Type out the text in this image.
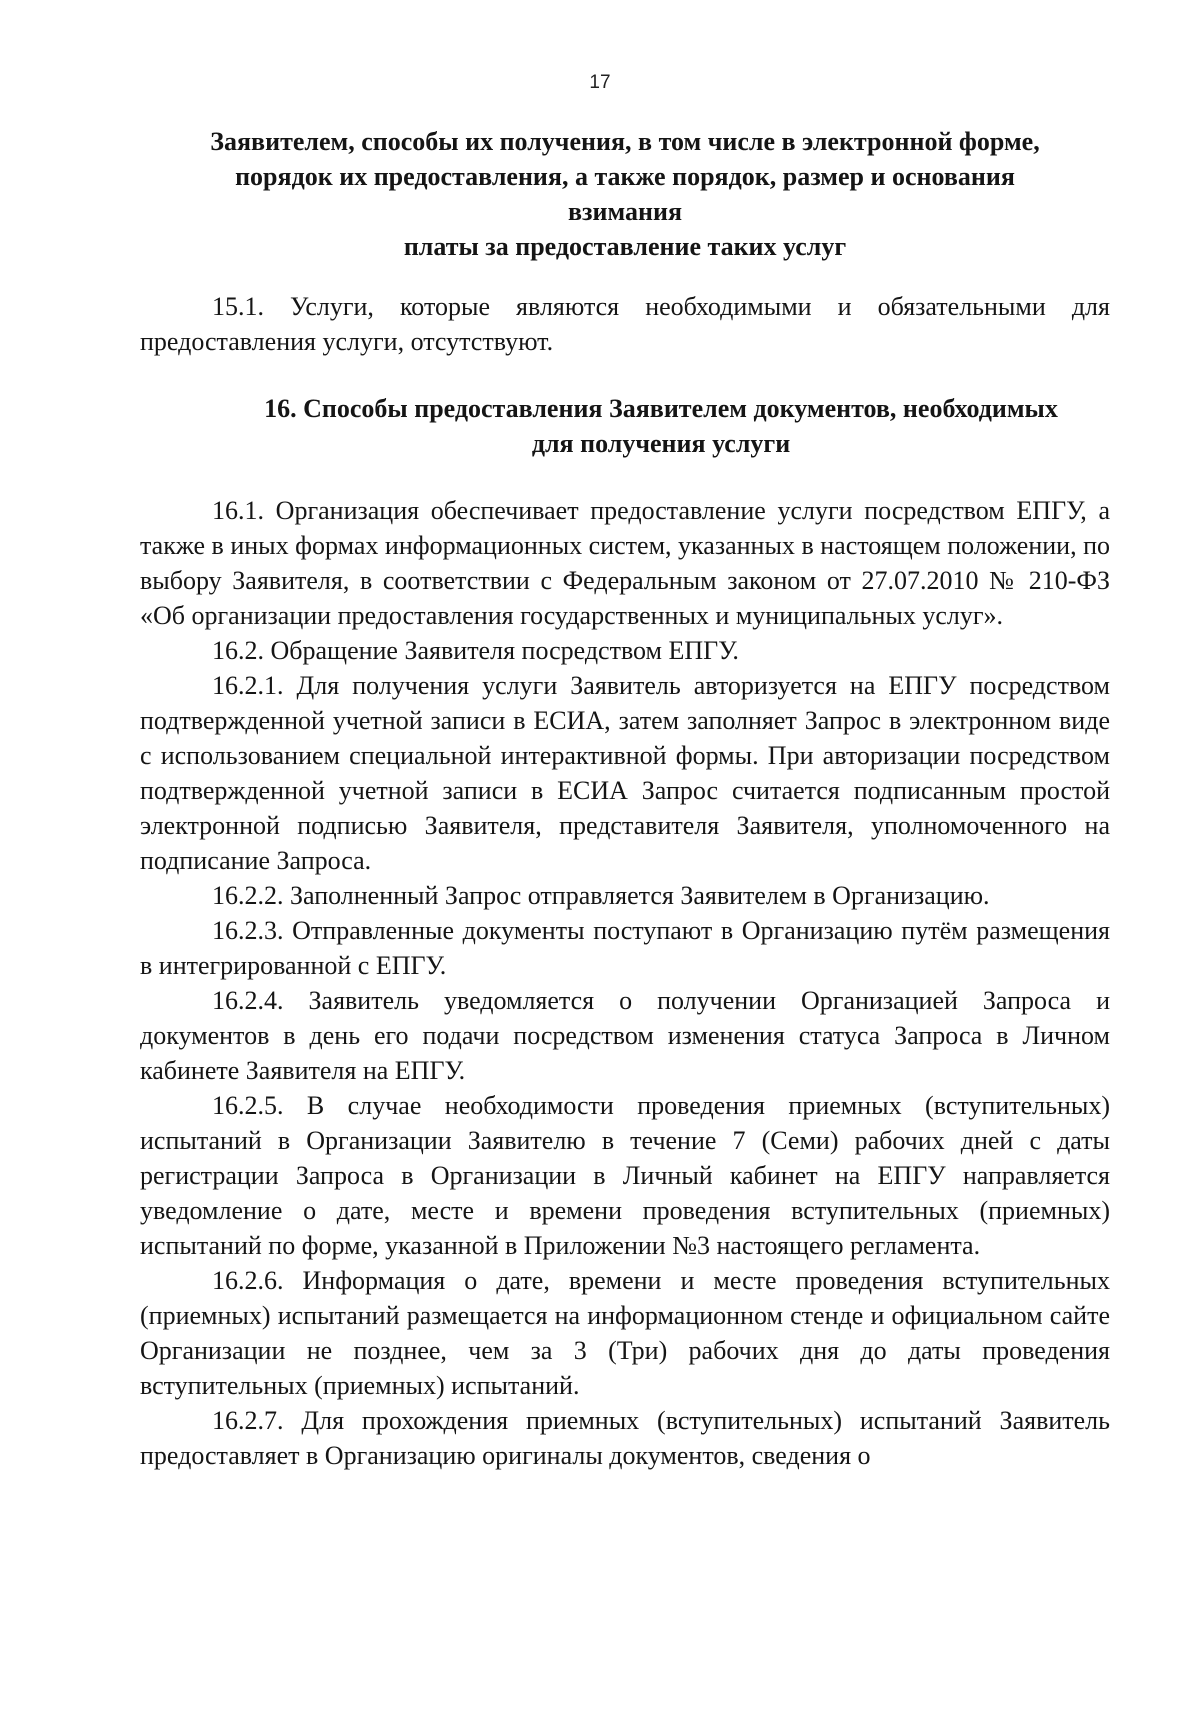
17
Заявителем, способы их получения, в том числе в электронной форме,
порядок их предоставления, а также порядок, размер и основания
взимания
платы за предоставление таких услуг

15.1. Услуги, которые являются необходимыми и обязательными для предоставления услуги, отсутствуют.

16. Способы предоставления Заявителем документов, необходимых
для получения услуги

16.1. Организация обеспечивает предоставление услуги посредством ЕПГУ, а также в иных формах информационных систем, указанных в настоящем положении, по выбору Заявителя, в соответствии с Федеральным законом от 27.07.2010 № 210-ФЗ «Об организации предоставления государственных и муниципальных услуг».

16.2. Обращение Заявителя посредством ЕПГУ.

16.2.1. Для получения услуги Заявитель авторизуется на ЕПГУ посредством подтвержденной учетной записи в ЕСИА, затем заполняет Запрос в электронном виде с использованием специальной интерактивной формы. При авторизации посредством подтвержденной учетной записи в ЕСИА Запрос считается подписанным простой электронной подписью Заявителя, представителя Заявителя, уполномоченного на подписание Запроса.

16.2.2. Заполненный Запрос отправляется Заявителем в Организацию.

16.2.3. Отправленные документы поступают в Организацию путём размещения в интегрированной с ЕПГУ.

16.2.4. Заявитель уведомляется о получении Организацией Запроса и документов в день его подачи посредством изменения статуса Запроса в Личном кабинете Заявителя на ЕПГУ.

16.2.5. В случае необходимости проведения приемных (вступительных) испытаний в Организации Заявителю в течение 7 (Семи) рабочих дней с даты регистрации Запроса в Организации в Личный кабинет на ЕПГУ направляется уведомление о дате, месте и времени проведения вступительных (приемных) испытаний по форме, указанной в Приложении №3 настоящего регламента.

16.2.6. Информация о дате, времени и месте проведения вступительных (приемных) испытаний размещается на информационном стенде и официальном сайте Организации не позднее, чем за 3 (Три) рабочих дня до даты проведения вступительных (приемных) испытаний.

16.2.7. Для прохождения приемных (вступительных) испытаний Заявитель предоставляет в Организацию оригиналы документов, сведения о
